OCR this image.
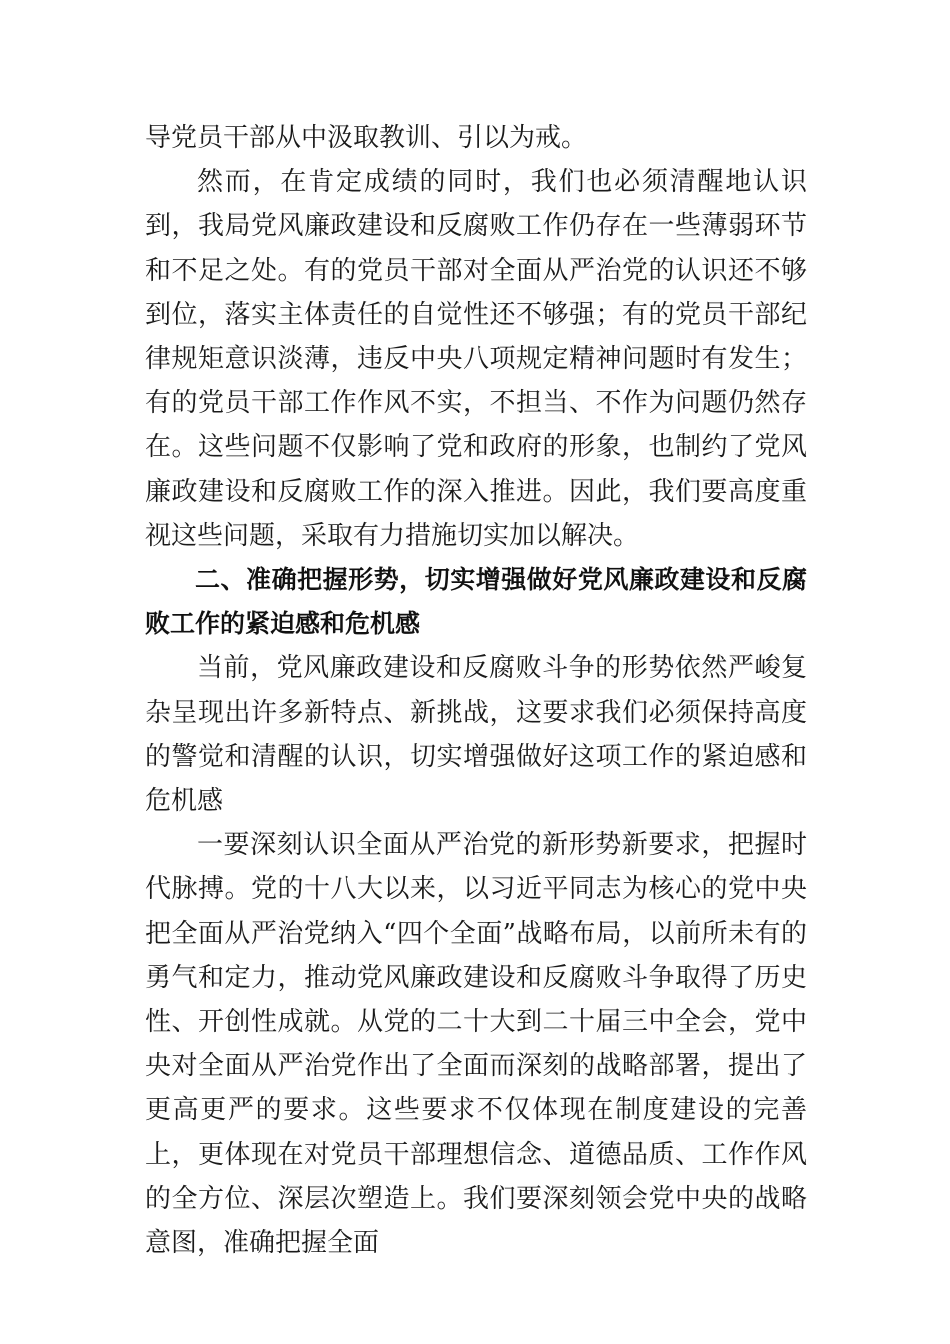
导党员干部从中汲取教训、引以为戒。

然而，在肯定成绩的同时，我们也必须清醒地认识到，我局党风廉政建设和反腐败工作仍存在一些薄弱环节和不足之处。有的党员干部对全面从严治党的认识还不够到位，落实主体责任的自觉性还不够强；有的党员干部纪律规矩意识淡薄，违反中央八项规定精神问题时有发生；有的党员干部工作作风不实，不担当、不作为问题仍然存在。这些问题不仅影响了党和政府的形象，也制约了党风廉政建设和反腐败工作的深入推进。因此，我们要高度重视这些问题，采取有力措施切实加以解决。

二、准确把握形势，切实增强做好党风廉政建设和反腐败工作的紧迫感和危机感

当前，党风廉政建设和反腐败斗争的形势依然严峻复杂呈现出许多新特点、新挑战，这要求我们必须保持高度的警觉和清醒的认识，切实增强做好这项工作的紧迫感和危机感

一要深刻认识全面从严治党的新形势新要求，把握时代脉搏。党的十八大以来，以习近平同志为核心的党中央把全面从严治党纳入“四个全面”战略布局，以前所未有的勇气和定力，推动党风廉政建设和反腐败斗争取得了历史性、开创性成就。从党的二十大到二十届三中全会，党中央对全面从严治党作出了全面而深刻的战略部署，提出了更高更严的要求。这些要求不仅体现在制度建设的完善上，更体现在对党员干部理想信念、道德品质、工作作风的全方位、深层次塑造上。我们要深刻领会党中央的战略意图，准确把握全面
